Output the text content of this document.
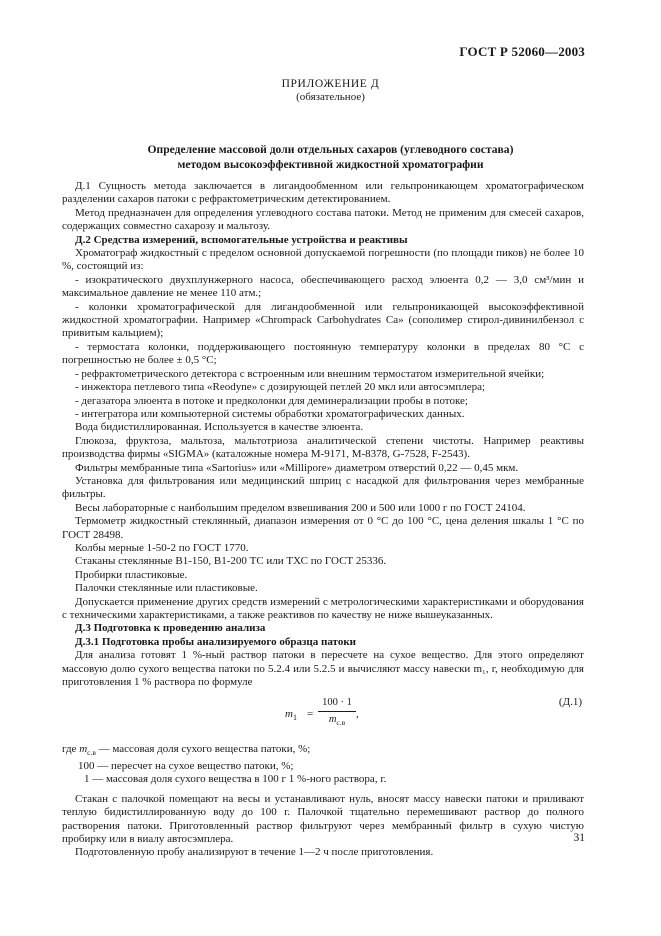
ГОСТ Р 52060—2003
ПРИЛОЖЕНИЕ Д
(обязательное)
Определение массовой доли отдельных сахаров (углеводного состава)
методом высокоэффективной жидкостной хроматографии

Д.1 Сущность метода заключается в лигандообменном или гельпроникающем хроматографическом разделении сахаров патоки с рефрактометрическим детектированием.

Метод предназначен для определения углеводного состава патоки. Метод не применим для смесей сахаров, содержащих совместно сахарозу и мальтозу.

Д.2 Средства измерений, вспомогательные устройства и реактивы

Хроматограф жидкостный с пределом основной допускаемой погрешности (по площади пиков) не более 10 %, состоящий из:

- изократического двухплунжерного насоса, обеспечивающего расход элюента 0,2 — 3,0 см³/мин и максимальное давление не менее 110 атм.;

- колонки хроматографической для лигандообменной или гельпроникающей высокоэффективной жидкостной хроматографии. Например «Chrompack Carbohydrates Ca» (сополимер стирол-дивинилбензол с привитым кальцием);

- термостата колонки, поддерживающего постоянную температуру колонки в пределах 80 °С с погрешностью не более ± 0,5 °С;

- рефрактометрического детектора с встроенным или внешним термостатом измерительной ячейки;

- инжектора петлевого типа «Reodyne» с дозирующей петлей 20 мкл или автосэмплера;

- дегазатора элюента в потоке и предколонки для деминерализации пробы в потоке;

- интегратора или компьютерной системы обработки хроматографических данных.

Вода бидистиллированная. Используется в качестве элюента.

Глюкоза, фруктоза, мальтоза, мальтотриоза аналитической степени чистоты. Например реактивы производства фирмы «SIGMA» (каталожные номера М-9171, М-8378, G-7528, F-2543).

Фильтры мембранные типа «Sartorius» или «Millipore» диаметром отверстий 0,22 — 0,45 мкм.

Установка для фильтрования или медицинский шприц с насадкой для фильтрования через мембранные фильтры.

Весы лабораторные с наибольшим пределом взвешивания 200 и 500 или 1000 г по ГОСТ 24104.

Термометр жидкостный стеклянный, диапазон измерения от 0 °С до 100 °С, цена деления шкалы 1 °С по ГОСТ 28498.

Колбы мерные 1-50-2 по ГОСТ 1770.

Стаканы стеклянные В1-150, В1-200 ТС или ТХС по ГОСТ 25336.

Пробирки пластиковые.

Палочки стеклянные или пластиковые.

Допускается применение других средств измерений с метрологическими характеристиками и оборудования с техническими характеристиками, а также реактивов по качеству не ниже вышеуказанных.

Д.3 Подготовка к проведению анализа

Д.3.1 Подготовка пробы анализируемого образца патоки

Для анализа готовят 1 %-ный раствор патоки в пересчете на сухое вещество. Для этого определяют массовую долю сухого вещества патоки по 5.2.4 или 5.2.5 и вычисляют массу навески m₁, г, необходимую для приготовления 1 % раствора по формуле

$m_1$ =
100 · 1
$m_{с.в}$
,
(Д.1)

где $m_{с.в}$ — массовая доля сухого вещества патоки, %;

100 — пересчет на сухое вещество патоки, %;

1 — массовая доля сухого вещества в 100 г 1 %-ного раствора, г.

Стакан с палочкой помещают на весы и устанавливают нуль, вносят массу навески патоки и приливают теплую бидистиллированную воду до 100 г. Палочкой тщательно перемешивают раствор до полного растворения патоки. Приготовленный раствор фильтруют через мембранный фильтр в сухую чистую пробирку или в виалу автосэмплера.

Подготовленную пробу анализируют в течение 1—2 ч после приготовления.

31
